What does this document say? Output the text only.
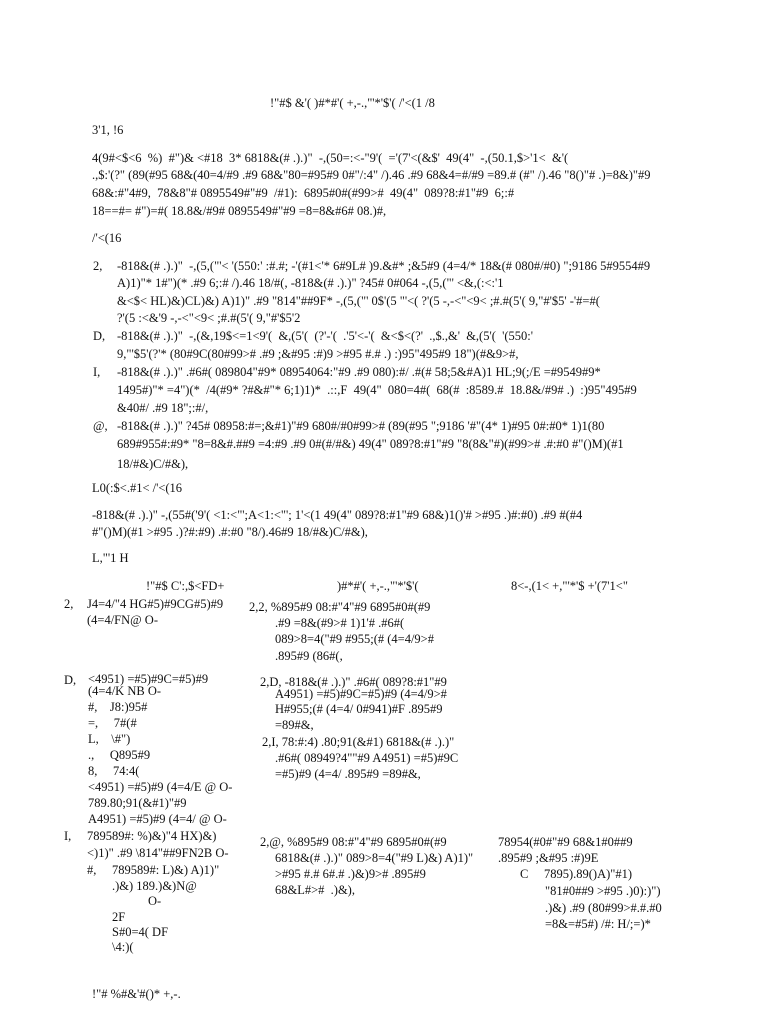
!"#$ &'( )#*#'( +,-.,"'*'$'( /'<(1 /8
3'1, !6
4(9#<$<6  %)  #")& <#18  3* 6818&(# .).)"  -,(50=:<-"9'(  ='(7'<(&$'  49(4"  -,(50.1,$>'1<  &'(
.,$:'(?" (89(#95 68&(40=4/#9 .#9 68&"80=#95#9 0#"/:4" /).46 .#9 68&4=#/#9 =89.# (#" /).46 "8()"# .)=8&)"#9
68&:#"4#9,  78&8"# 0895549#"#9  /#1):  6895#0#(#99>#  49(4"  089?8:#1"#9  6;:#
18==#= #")=#( 18.8&/#9# 0895549#"#9 =8=8&#6# 08.)#,
/'<(16
2, -818&(# .).)"  -,(5,("'< '(550:' :#.#; -'(#1<'* 6#9L# )9.&#* ;&5#9 (4=4/* 18&(# 080#/#0) ";9186 5#9554#9
A)1)"* 1#")(* .#9 6;:# /).46 18/#(, -818&(# .).)" ?45# 0#064 -,(5,("' <&,(:<:'1
&<$< HL)&)CL)&) A)1)" .#9 "814"##9F* -,(5,("' 0$'(5 "'<( ?'(5 -,-<"<9< ;#.#(5'( 9,"#'$5' -'#=#(
?'(5 :<&'9 -,-<"<9< ;#.#(5'( 9,"#'$5'2
D, -818&(# .).)"  -,(&,19$<=1<9'(  &,(5'(  (?'-'(  .'5'<-'(  &<$<(?'  .,$.,&'  &,(5'(  '(550:'
9,"'$5'(?'* (80#9C(80#99># .#9 ;&#95 :#)9 >#95 #.# .) :)95"495#9 18")(#&9>#,
I, -818&(# .).)" .#6#( 089804"#9* 08954064:"#9 .#9 080):#/ .#(# 58;5&#A)1 HL;9(;/E =#9549#9*
1495#)"* =4")(*  /4(#9* ?#&#"* 6;1)1)*  .::,F  49(4"  080=4#(  68(#  :8589.#  18.8&/#9# .)  :)95"495#9
&40#/ .#9 18";:#/,
@, -818&(# .).)" ?45# 08958:#=;&#1)"#9 680#/#0#99># (89(#95 ";9186 '#"(4* 1)#95 0#:#0* 1)1(80
689#955#:#9* "8=8&#.##9 =4:#9 .#9 0#(#/#&) 49(4" 089?8:#1"#9 "8(8&"#)(#99># .#:#0 #"()M)(#1
18/#&)C/#&),
L0(:$<.#1< /'<(16
-818&(# .).)" -,(55#('9'( <1:<"';A<1:<"'; 1'<(1 49(4" 089?8:#1"#9 68&)1()'# >#95 .)#:#0) .#9 #(#4
#"()M)(#1 >#95 .)?#:#9) .#:#0 "8/).46#9 18/#&)C/#&),
L,"'1 H
!"#$ C':,$<FD+	)#*#'( +,-.,"'*'$'(	8<-,(1< +,"'*'$ +'(7'1<"
2, J4=4/"4 HG#5)#9CG#5)#9
(4=4/FN@ O-
2,2, %895#9 08:#"4"#9 6895#0#(#9
.#9 =8&(#9># 1)1'# .#6#(
089>8=4("#9 #955;(# (4=4/9>#
.895#9 (86#(,
D, <4951) =#5)#9C=#5)#9
(4=4/K NB O-
#,    J8:)95#
=,     7#(#
L,    \#")
.,     Q895#9
8,     74:4(
<4951) =#5)#9 (4=4/E @ O-
789.80;91(&#1)"#9
A4951) =#5)#9 (4=4/ @ O-
2,D, -818&(# .).)" .#6#( 089?8:#1"#9
A4951) =#5)#9C=#5)#9 (4=4/9>#
H#955;(# (4=4/ 0#941)#F .895#9
=89#&,
2,I, 78:#:4) .80;91(&#1) 6818&(# .).)"
.#6#( 08949?4""#9 A4951) =#5)#9C
=#5)#9 (4=4/ .895#9 =89#&,
I, 789589#: %)&)"4 HX)&)
<)1)" .#9 \814"##9FN2B O-
#,     789589#: L)&) A)1)"
.)&) 189.)&)N@
O-
2F
S#0=4( DF
\4:)(
2,@, %895#9 08:#"4"#9 6895#0#(#9
6818&(# .).)" 089>8=4("#9 L)&) A)1)"
>#95 #.# 6#.# .)&)9># .895#9
68&L#>#  .)&),
78954(#0#"#9 68&1#0##9
.895#9 ;&#95 :#)9E
C     7895).89()A)"#1)
"81#0##9 >#95 .)0):)")
.)&) .#9 (80#99>#.#.#0
=8&=#5#) /#: H/;=)*
!"# %#&'#()* +,-.
